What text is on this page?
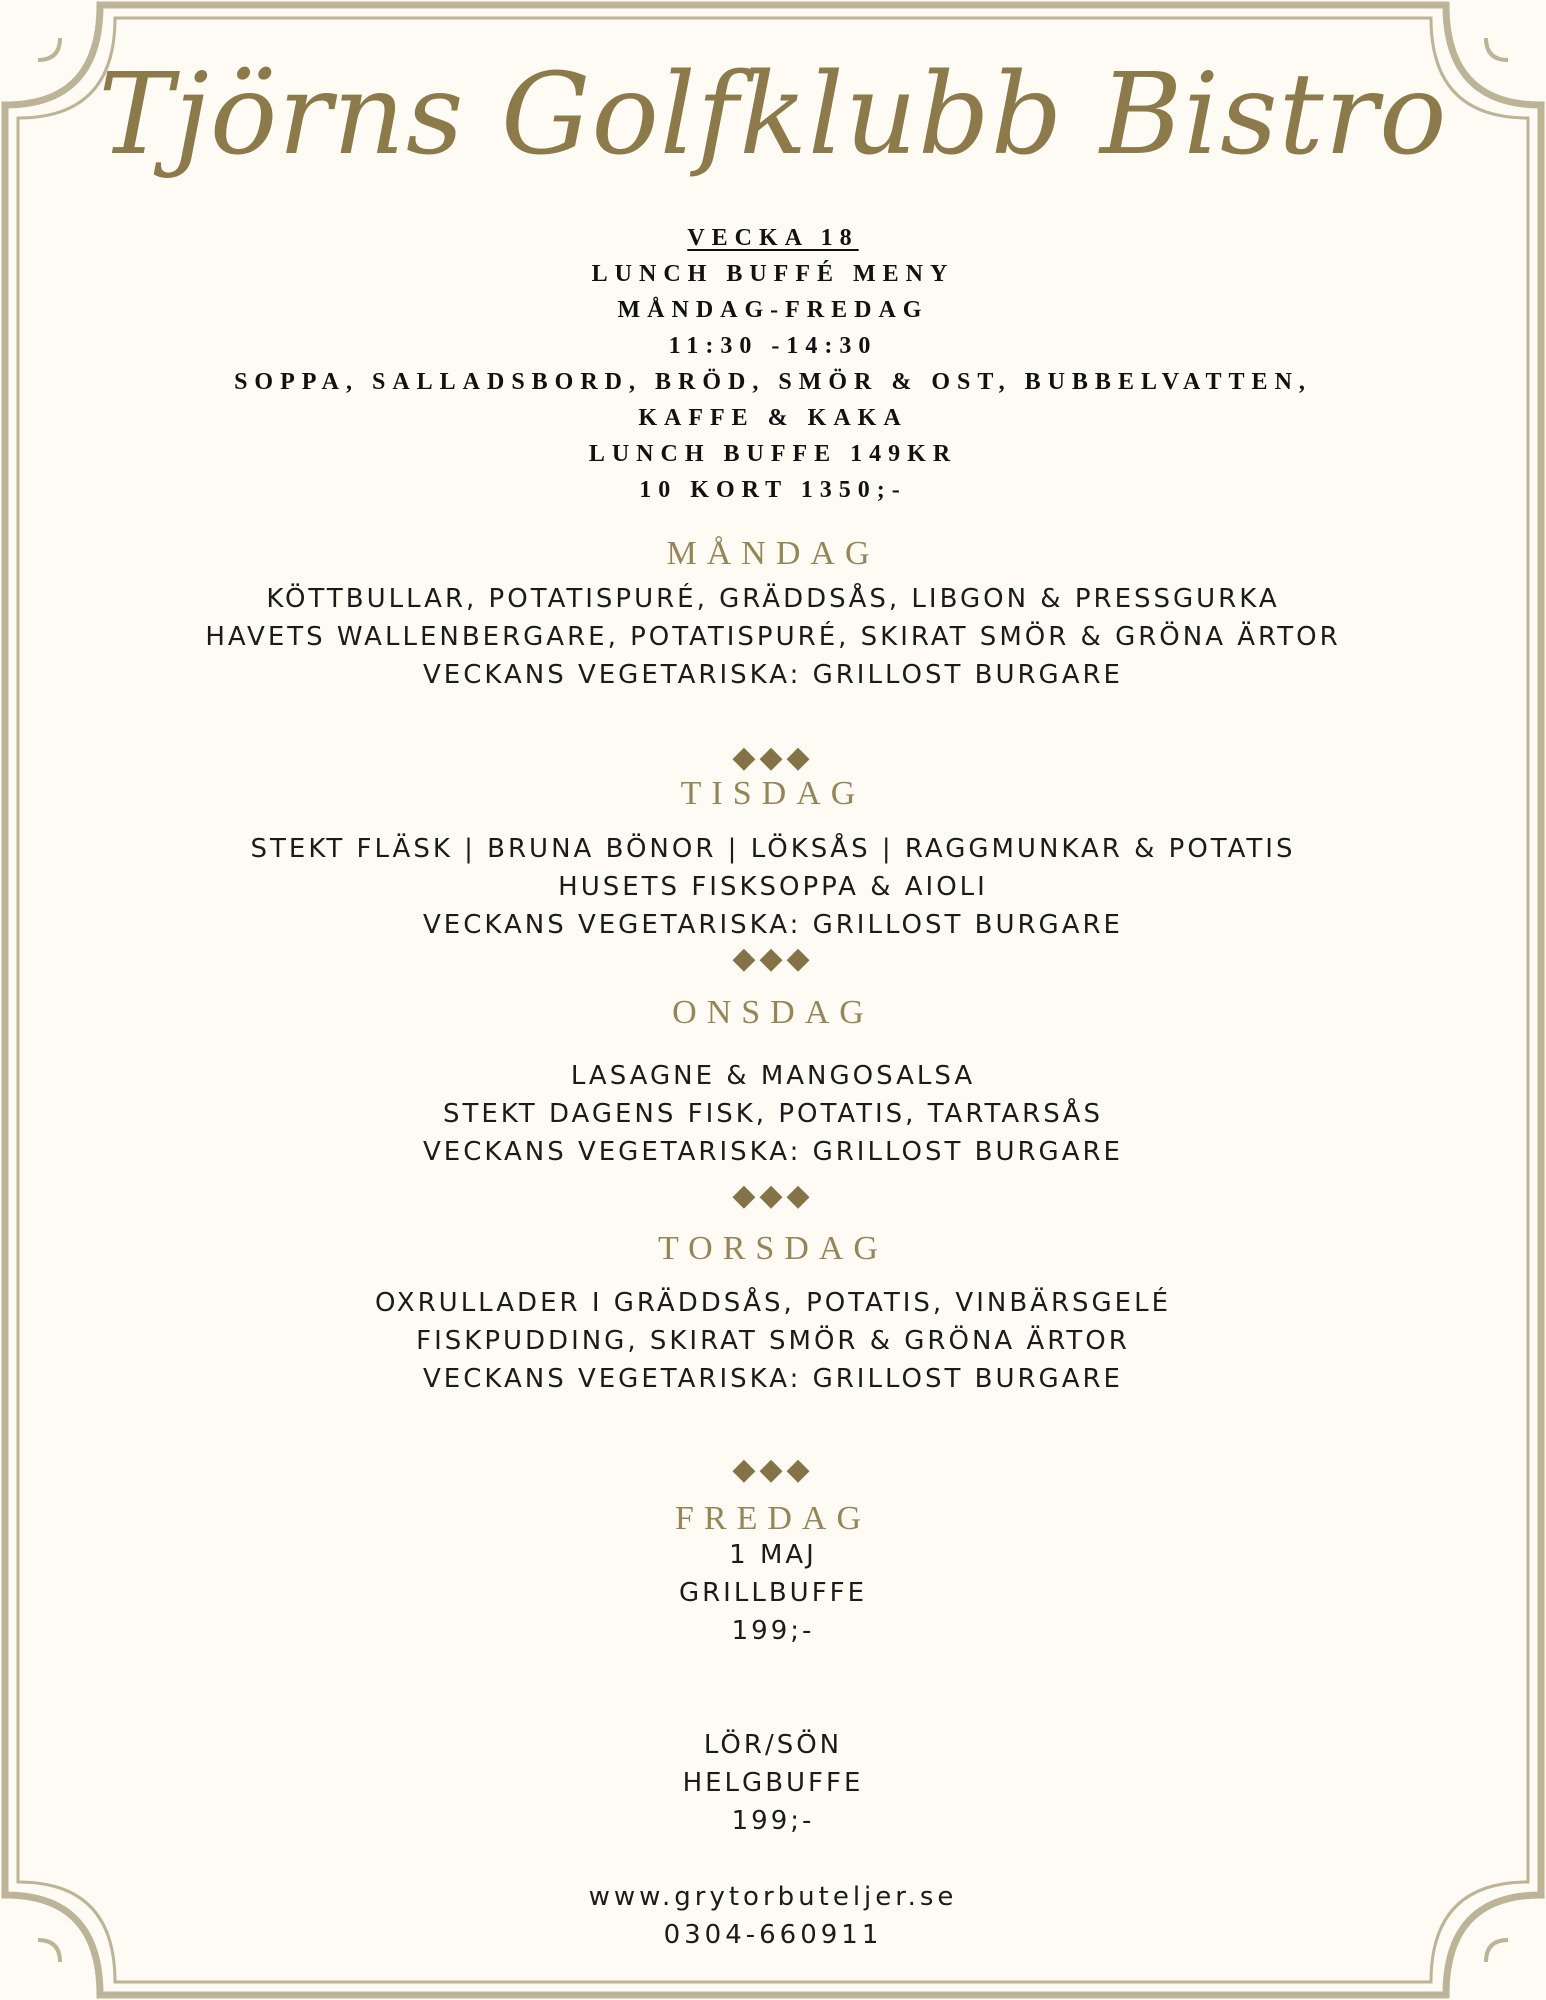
Tjörns Golfklubb Bistro
VECKA 18
LUNCH BUFFÉ MENY
MÅNDAG-FREDAG
11:30 -14:30
SOPPA, SALLADSBORD, BRÖD, SMÖR & OST, BUBBELVATTEN,
KAFFE & KAKA
LUNCH BUFFE 149KR
10 KORT 1350;-
MÅNDAG
KÖTTBULLAR, POTATISPURÉ, GRÄDDSÅS, LIBGON & PRESSGURKA
HAVETS WALLENBERGARE, POTATISPURÉ, SKIRAT SMÖR & GRÖNA ÄRTOR
VECKANS VEGETARISKA: GRILLOST BURGARE
◆◆◆
TISDAG
STEKT FLÄSK | BRUNA BÖNOR | LÖKSÅS | RAGGMUNKAR & POTATIS
HUSETS FISKSOPPA & AIOLI
VECKANS VEGETARISKA: GRILLOST BURGARE
◆◆◆
ONSDAG
LASAGNE & MANGOSALSA
STEKT DAGENS FISK, POTATIS, TARTARSÅS
VECKANS VEGETARISKA: GRILLOST BURGARE
◆◆◆
TORSDAG
OXRULLADER I GRÄDDSÅS, POTATIS, VINBÄRSGELÉ
FISKPUDDING, SKIRAT SMÖR & GRÖNA ÄRTOR
VECKANS VEGETARISKA: GRILLOST BURGARE
◆◆◆
FREDAG
1 MAJ
GRILLBUFFE
199;-
LÖR/SÖN
HELGBUFFE
199;-
www.grytorbuteljer.se
0304-660911
